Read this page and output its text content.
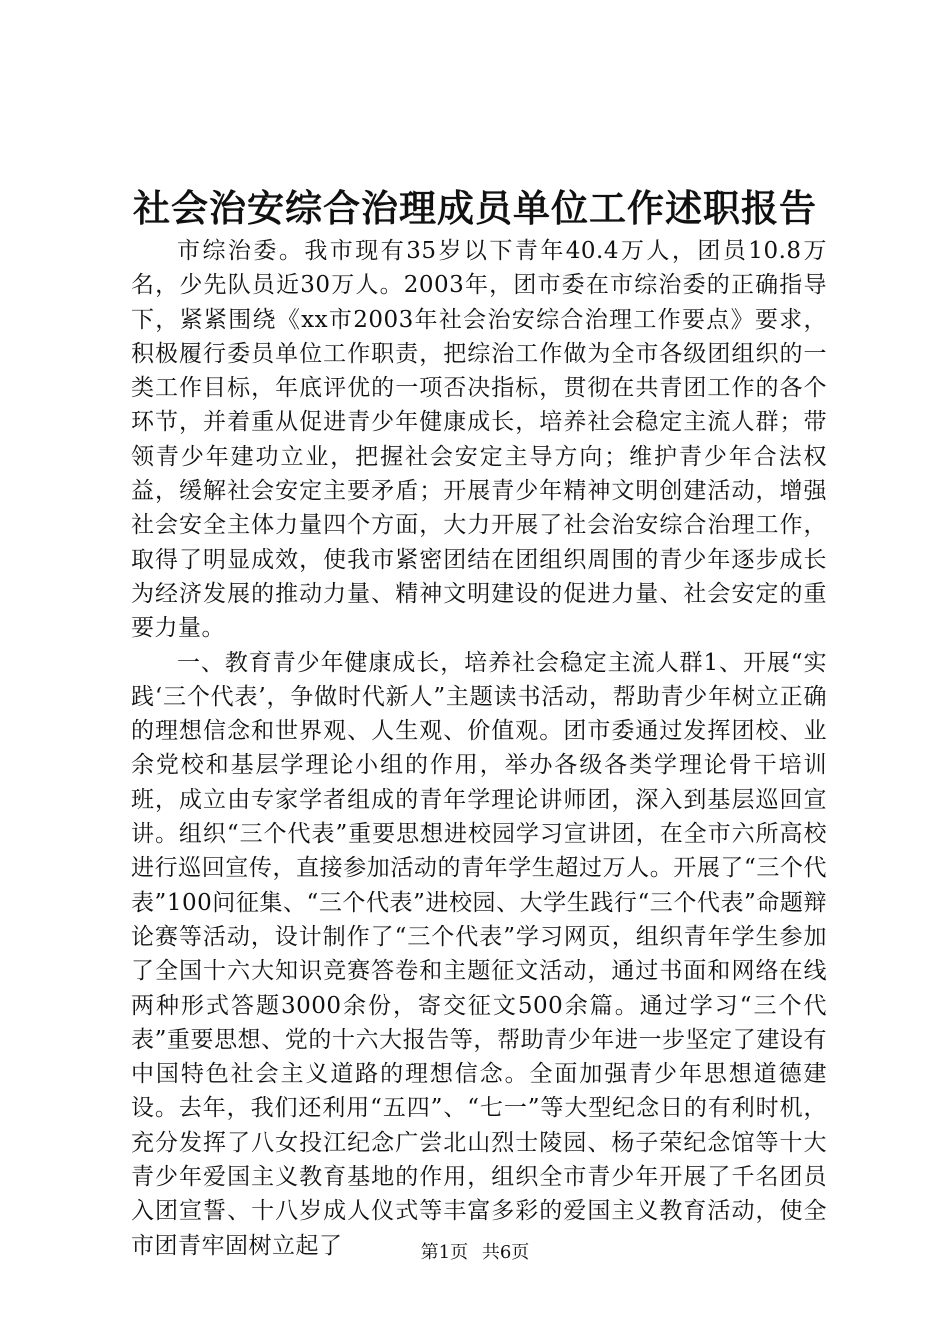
社会治安综合治理成员单位工作述职报告

市综治委。我市现有35岁以下青年40.4万人，团员10.8万名，少先队员近30万人。2003年，团市委在市综治委的正确指导下，紧紧围绕《xx市2003年社会治安综合治理工作要点》要求，积极履行委员单位工作职责，把综治工作做为全市各级团组织的一类工作目标，年底评优的一项否决指标，贯彻在共青团工作的各个环节，并着重从促进青少年健康成长，培养社会稳定主流人群；带领青少年建功立业，把握社会安定主导方向；维护青少年合法权益，缓解社会安定主要矛盾；开展青少年精神文明创建活动，增强社会安全主体力量四个方面，大力开展了社会治安综合治理工作，取得了明显成效，使我市紧密团结在团组织周围的青少年逐步成长为经济发展的推动力量、精神文明建设的促进力量、社会安定的重要力量。

一、教育青少年健康成长，培养社会稳定主流人群1、开展“实践‘三个代表’，争做时代新人”主题读书活动，帮助青少年树立正确的理想信念和世界观、人生观、价值观。团市委通过发挥团校、业余党校和基层学理论小组的作用，举办各级各类学理论骨干培训班，成立由专家学者组成的青年学理论讲师团，深入到基层巡回宣讲。组织“三个代表”重要思想进校园学习宣讲团，在全市六所高校进行巡回宣传，直接参加活动的青年学生超过万人。开展了“三个代表”100问征集、“三个代表”进校园、大学生践行“三个代表”命题辩论赛等活动，设计制作了“三个代表”学习网页，组织青年学生参加了全国十六大知识竞赛答卷和主题征文活动，通过书面和网络在线两种形式答题3000余份，寄交征文500余篇。通过学习“三个代表”重要思想、党的十六大报告等，帮助青少年进一步坚定了建设有中国特色社会主义道路的理想信念。全面加强青少年思想道德建设。去年，我们还利用“五四”、“七一”等大型纪念日的有利时机，充分发挥了八女投江纪念广尝北山烈士陵园、杨子荣纪念馆等十大青少年爱国主义教育基地的作用，组织全市青少年开展了千名团员入团宣誓、十八岁成人仪式等丰富多彩的爱国主义教育活动，使全市团青牢固树立起了	第1页 共6页
